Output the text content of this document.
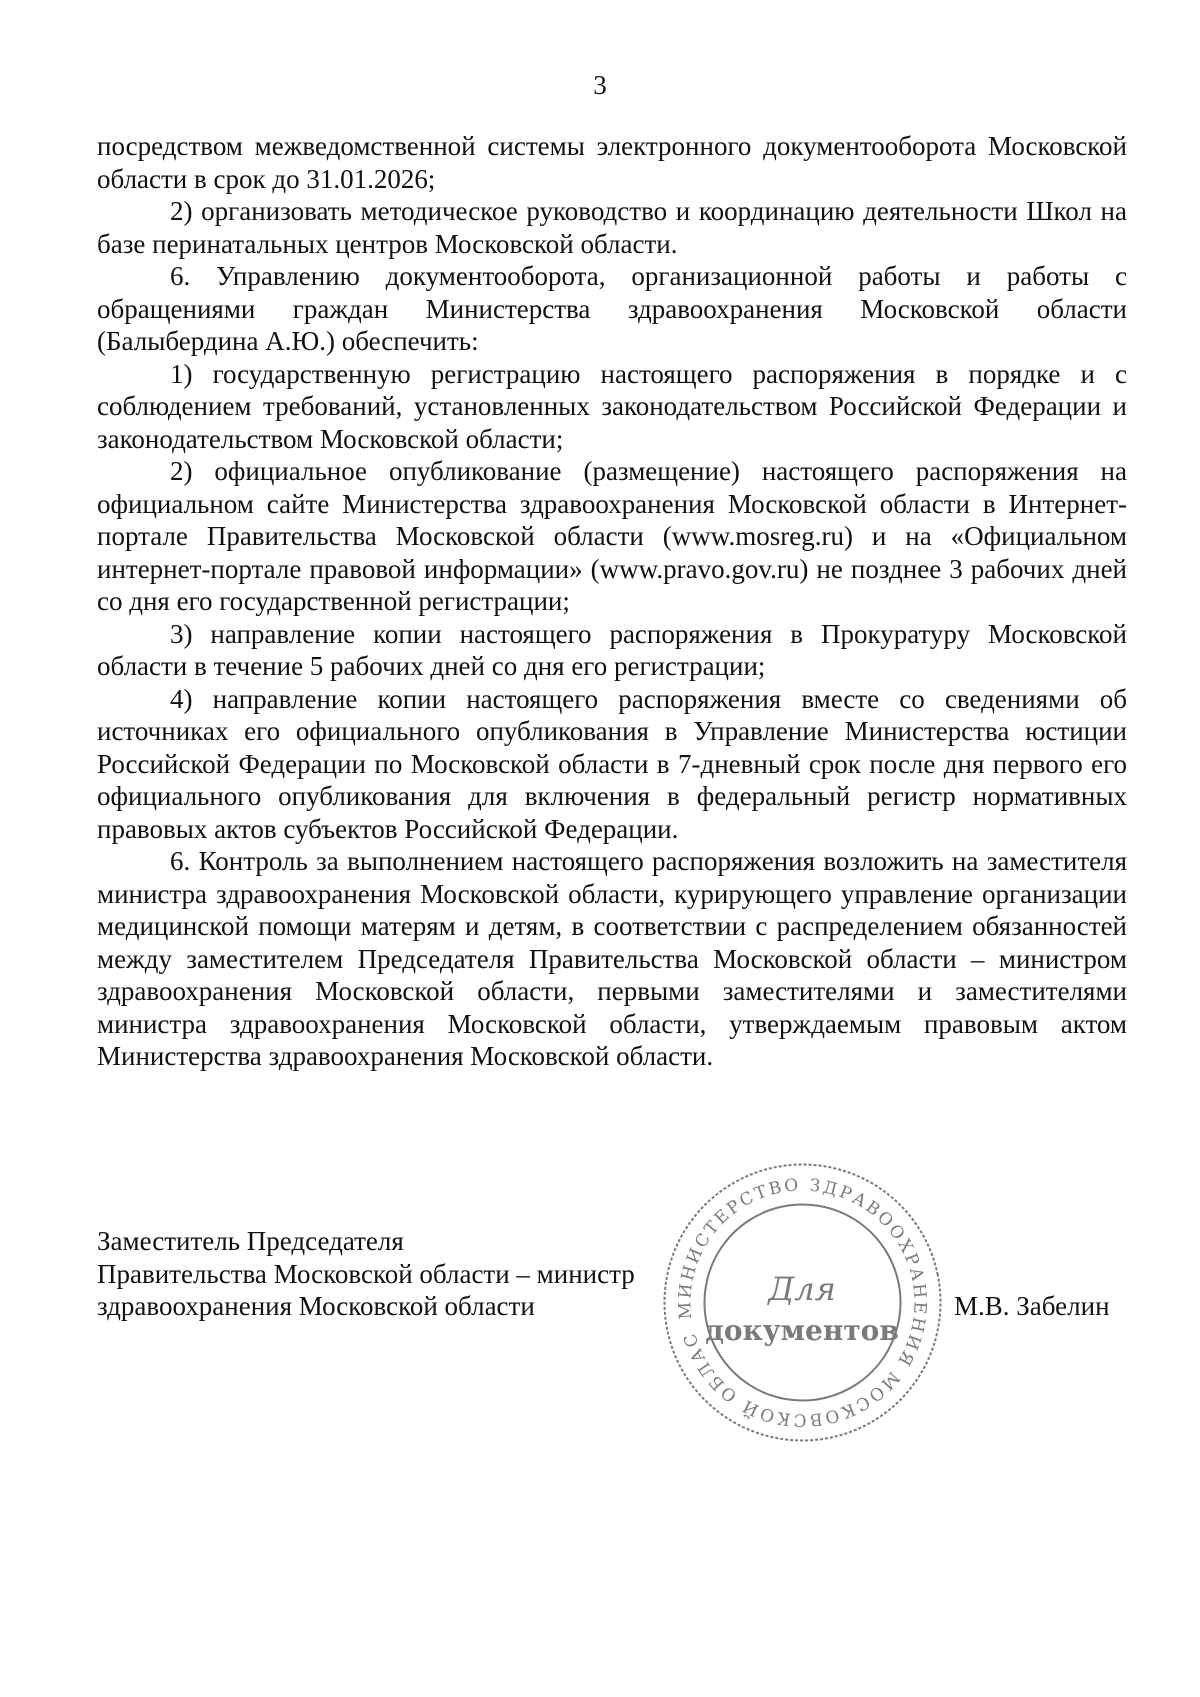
3

посредством межведомственной системы электронного документооборота Московской области в срок до 31.01.2026;

2) организовать методическое руководство и координацию деятельности Школ на базе перинатальных центров Московской области.

6. Управлению документооборота, организационной работы и работы с обращениями граждан Министерства здравоохранения Московской области (Балыбердина А.Ю.) обеспечить:

1) государственную регистрацию настоящего распоряжения в порядке и с соблюдением требований, установленных законодательством Российской Федерации и законодательством Московской области;

2) официальное опубликование (размещение) настоящего распоряжения на официальном сайте Министерства здравоохранения Московской области в Интернет-портале Правительства Московской области (www.mosreg.ru) и на «Официальном интернет-портале правовой информации» (www.pravo.gov.ru) не позднее 3 рабочих дней со дня его государственной регистрации;

3) направление копии настоящего распоряжения в Прокуратуру Московской области в течение 5 рабочих дней со дня его регистрации;

4) направление копии настоящего распоряжения вместе со сведениями об источниках его официального опубликования в Управление Министерства юстиции Российской Федерации по Московской области в 7-дневный срок после дня первого его официального опубликования для включения в федеральный регистр нормативных правовых актов субъектов Российской Федерации.

6. Контроль за выполнением настоящего распоряжения возложить на заместителя министра здравоохранения Московской области, курирующего управление организации медицинской помощи матерям и детям, в соответствии с распределением обязанностей между заместителем Председателя Правительства Московской области – министром здравоохранения Московской области, первыми заместителями и заместителями министра здравоохранения Московской области, утверждаемым правовым актом Министерства здравоохранения Московской области.

Заместитель Председателя
Правительства Московской области – министр
здравоохранения Московской области	М.В. Забелин
МИНИСТЕРСТВО ЗДРАВООХРАНЕНИЯ МОСКОВСКОЙ ОБЛАСТИ
Для
документов
